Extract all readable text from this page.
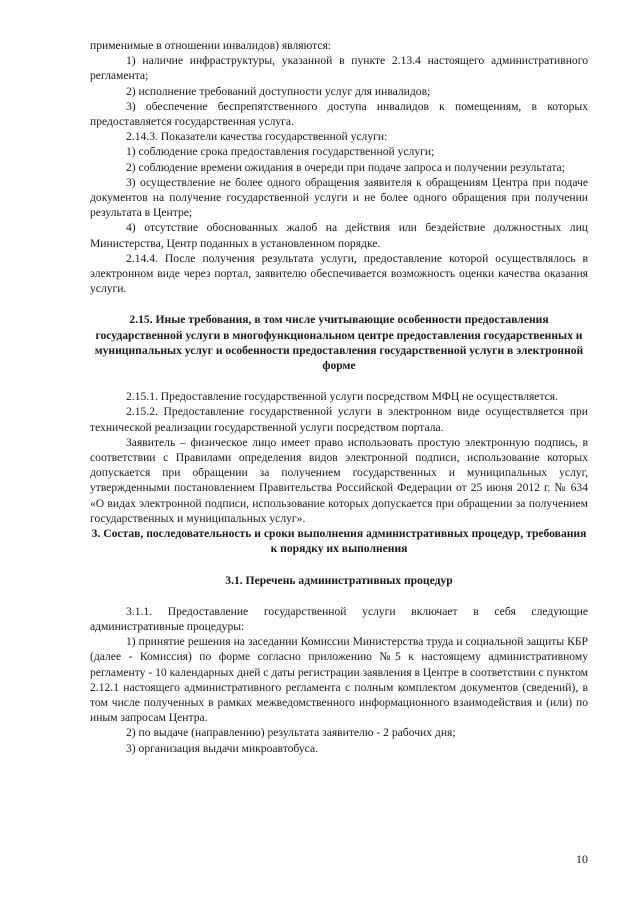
применимые в отношении инвалидов) являются:

1) наличие инфраструктуры, указанной в пункте 2.13.4 настоящего административного регламента;

2) исполнение требований доступности услуг для инвалидов;

3) обеспечение беспрепятственного доступа инвалидов к помещениям, в которых предоставляется государственная услуга.

2.14.3. Показатели качества государственной услуги:

1) соблюдение срока предоставления государственной услуги;

2) соблюдение времени ожидания в очереди при подаче запроса и получении результата;

3) осуществление не более одного обращения заявителя к обращениям Центра при подаче документов на получение государственной услуги и не более одного обращения при получении результата в Центре;

4) отсутствие обоснованных жалоб на действия или бездействие должностных лиц Министерства, Центр поданных в установленном порядке.

2.14.4. После получения результата услуги, предоставление которой осуществлялось в электронном виде через портал, заявителю обеспечивается возможность оценки качества оказания услуги.

2.15. Иные требования, в том числе учитывающие особенности предоставления государственной услуги в многофункциональном центре предоставления государственных и муниципальных услуг и особенности предоставления государственной услуги в электронной форме

2.15.1. Предоставление государственной услуги посредством МФЦ не осуществляется.

2.15.2. Предоставление государственной услуги в электронном виде осуществляется при технической реализации государственной услуги посредством портала.

Заявитель – физическое лицо имеет право использовать простую электронную подпись, в соответствии с Правилами определения видов электронной подписи, использование которых допускается при обращении за получением государственных и муниципальных услуг, утвержденными постановлением Правительства Российской Федерации от 25 июня 2012 г. № 634 «О видах электронной подписи, использование которых допускается при обращении за получением государственных и муниципальных услуг».

3. Состав, последовательность и сроки выполнения административных процедур, требования к порядку их выполнения

3.1. Перечень административных процедур

3.1.1. Предоставление государственной услуги включает в себя следующие административные процедуры:

1) принятие решения на заседании Комиссии Министерства труда и социальной защиты КБР (далее - Комиссия) по форме согласно приложению №5 к настоящему административному регламенту - 10 календарных дней с даты регистрации заявления в Центре в соответствии с пунктом 2.12.1 настоящего административного регламента с полным комплектом документов (сведений), в том числе полученных в рамках межведомственного информационного взаимодействия и (или) по иным запросам Центра.

2) по выдаче (направлению) результата заявителю - 2 рабочих дня;

3) организация выдачи микроавтобуса.

10
